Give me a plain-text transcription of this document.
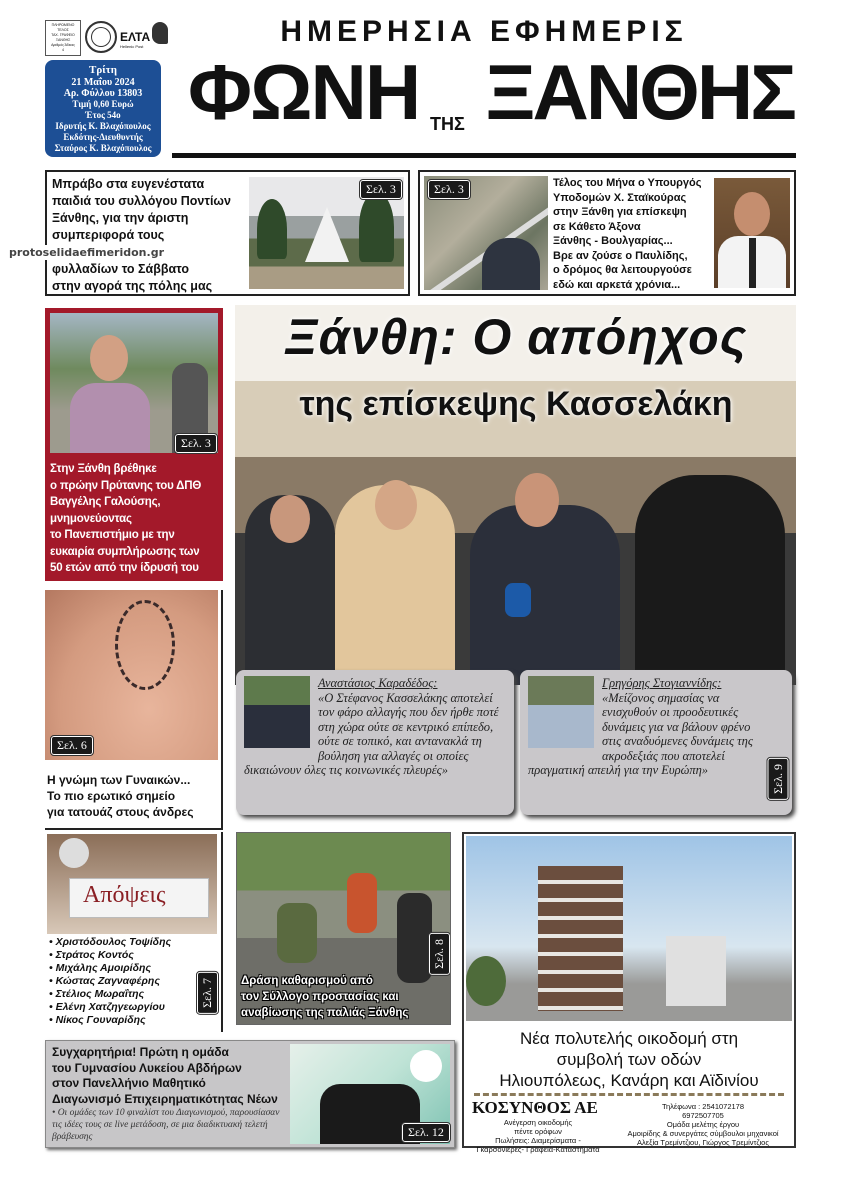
ΠΛΗΡΩΜΕΝΟ ΤΕΛΟΣ
ΤΑΧ. ΓΡΑΦΕΙΟ
ΞΑΝΘΗΣ
Αριθμός Άδειας
4
ΕΛΤΑ
Hellenic Post
Τρίτη
21 Μαΐου 2024
Αρ. Φύλλου 13803
Τιμή 0,60 Ευρώ
Έτος 54ο
Ιδρυτής Κ. Βλαχόπουλος
Εκδότης-Διευθυντής
Σταύρος Κ. Βλαχόπουλος
ΗΜΕΡΗΣΙΑ ΕΦΗΜΕΡΙΣ
ΦΩΝΗ ΤΗΣ ΞΑΝΘΗΣ
Μπράβο στα ευγενέστατα
παιδιά του συλλόγου Ποντίων
Ξάνθης, για την άριστη
συμπεριφορά τους
φυλλαδίων το Σάββατο
στην αγορά της πόλης μας
Σελ. 3
protoselidaefimeridon.gr
Σελ. 3	Τέλος του Μήνα ο Υπουργός
Υποδομών Χ. Σταϊκούρας
στην Ξάνθη για επίσκεψη
σε Κάθετο Άξονα
Ξάνθης - Βουλγαρίας...
Βρε αν ζούσε ο Παυλίδης,
ο δρόμος θα λειτουργούσε
εδώ και αρκετά χρόνια...
Σελ. 3
Στην Ξάνθη βρέθηκε
ο πρώην Πρύτανης του ΔΠΘ
Βαγγέλης Γαλούσης,
μνημονεύοντας
το Πανεπιστήμιο με την
ευκαιρία συμπλήρωσης των
50 ετών από την ίδρυσή του
Σελ. 6
Η γνώμη των Γυναικών...
Το πιο ερωτικό σημείο
για τατουάζ στους άνδρες
Ξάνθη: Ο απόηχος
της επίσκεψης Κασσελάκη
Αναστάσιος Καραδέδος:
«Ο Στέφανος Κασσελάκης αποτελεί τον φάρο αλλαγής που δεν ήρθε ποτέ στη χώρα ούτε σε κεντρικό επίπεδο, ούτε σε τοπικό, και αντανακλά τη βούληση για αλλαγές οι οποίες δικαιώνουν όλες τις κοινωνικές πλευρές»
Γρηγόρης Στογιαννίδης:
«Μείζονος σημασίας να ενισχυθούν οι προοδευτικές δυνάμεις για να βάλουν φρένο στις αναδυόμενες δυνάμεις της ακροδεξιάς που αποτελεί πραγματική απειλή για την Ευρώπη»	Σελ. 9
Απόψεις
• Χριστόδουλος Τοψίδης
• Στράτος Κοντός
• Μιχάλης Αμοιρίδης
• Κώστας Ζαγναφέρης
• Στέλιος Μωραΐτης
• Ελένη Χατζηγεωργίου
• Νίκος Γουναρίδης
Σελ. 7
Σελ. 8
Δράση καθαρισμού από
τον Σύλλογο προστασίας και
αναβίωσης της παλιάς Ξάνθης
Συγχαρητήρια! Πρώτη η ομάδα
του Γυμνασίου Λυκείου Αβδήρων
στον Πανελλήνιο Μαθητικό
Διαγωνισμό Επιχειρηματικότητας Νέων
• Οι ομάδες των 10 φιναλίστ του Διαγωνισμού, παρουσίασαν τις ιδέες τους σε live μετάδοση, σε μια διαδικτυακή τελετή βράβευσης	Σελ. 12
Νέα πολυτελής οικοδομή στη
συμβολή των οδών
Ηλιουπόλεως, Κανάρη και Αϊδινίου
ΚΟΣΥΝΘΟΣ ΑΕ
Ανέγερση οικοδομής
πέντε ορόφων
Πωλήσεις: Διαμερίσματα -
Γκαρσονιέρες- Γραφεία-Καταστήματα
Τηλέφωνα : 2541072178
6972507705
Ομάδα μελέτης έργου
Αμοιρίδης & συνεργάτες σύμβουλοι μηχανικοί
Αλεξία Τρεμίντζιου, Γιώργος Τρεμίντζιος
